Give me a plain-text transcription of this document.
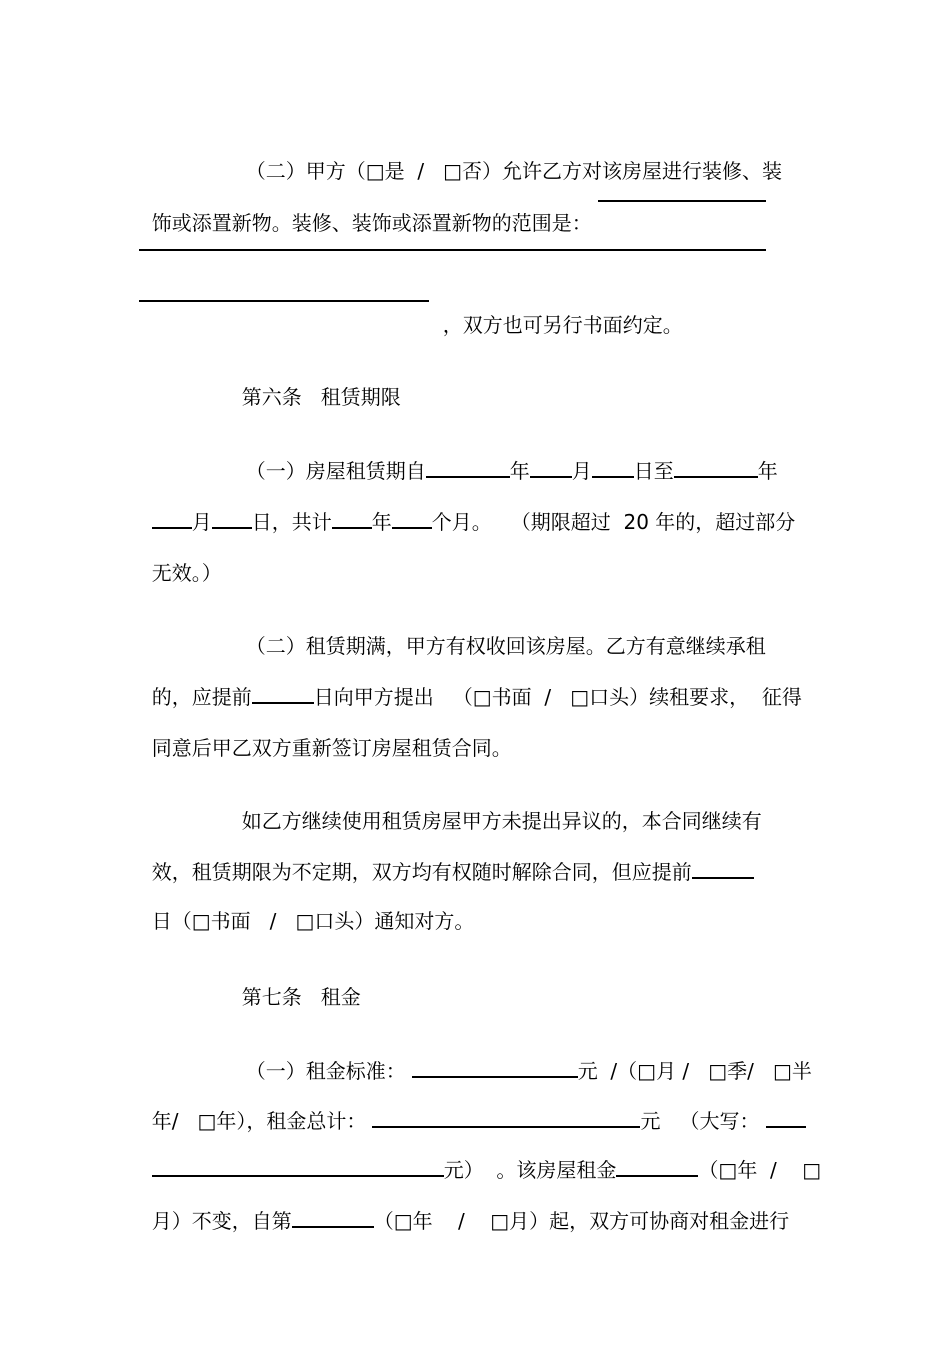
（二）甲方（□是  /   □否）允许乙方对该房屋进行装修、装

饰或添置新物。装修、装饰或添置新物的范围是：

，双方也可另行书面约定。

第六条   租赁期限

（一）房屋租赁期自	年 月 日至	年

月 日，共计 年 个月。   （期限超过  20 年的，超过部分

无效。）

（二）租赁期满，甲方有权收回该房屋。乙方有意继续承租

的，应提前	日向甲方提出   （□书面  /   □口头）续租要求，  征得

同意后甲乙双方重新签订房屋租赁合同。

如乙方继续使用租赁房屋甲方未提出异议的，本合同继续有

效，租赁期限为不定期，双方均有权随时解除合同，但应提前

日（□书面   /   □口头）通知对方。

第七条   租金

（一）租金标准：	元  /（□月 /   □季/   □半

年/   □年），租金总计：	元   （大写：

元）  。该房屋租金	（□年  /    □

月）不变，自第	（□年    /    □月）起，双方可协商对租金进行
